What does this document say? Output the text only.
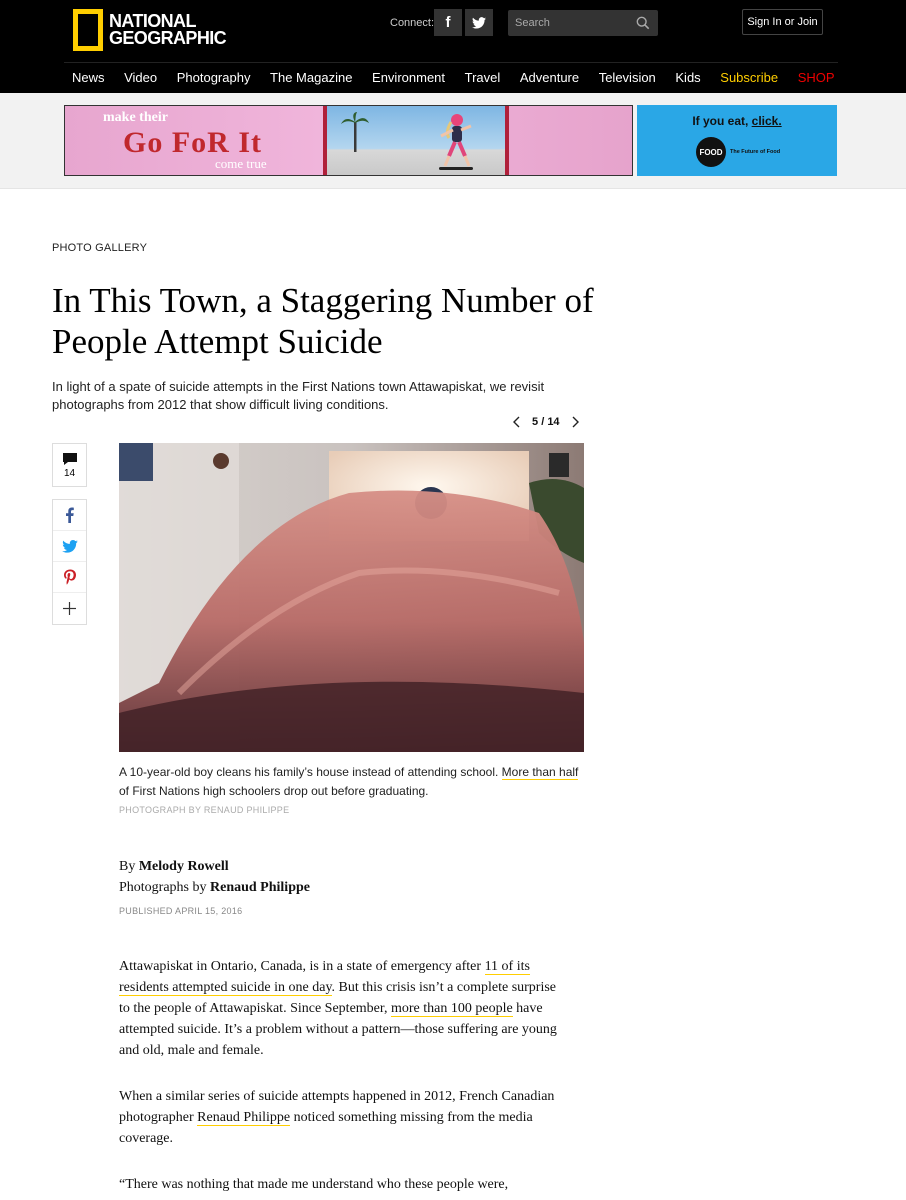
NATIONAL
GEOGRAPHIC
Connect: f
Search	Sign In or Join
News Video Photography The Magazine Environment Travel Adventure Television Kids Subscribe SHOP
make their
Go FoR It
come true
If you eat, click.
FOOD	The Future of Food
PHOTO GALLERY
In This Town, a Staggering Number of People Attempt Suicide

In light of a spate of suicide attempts in the First Nations town Attawapiskat, we revisit photographs from 2012 that show difficult living conditions.

5 / 14
14

A 10-year-old boy cleans his family’s house instead of attending school. More than half of First Nations high schoolers drop out before graduating.

PHOTOGRAPH BY RENAUD PHILIPPE
By Melody Rowell
Photographs by Renaud Philippe
PUBLISHED APRIL 15, 2016

Attawapiskat in Ontario, Canada, is in a state of emergency after 11 of its residents attempted suicide in one day. But this crisis isn’t a complete surprise to the people of Attawapiskat. Since September, more than 100 people have attempted suicide. It’s a problem without a pattern—those suffering are young and old, male and female.

When a similar series of suicide attempts happened in 2012, French Canadian photographer Renaud Philippe noticed something missing from the media coverage.

“There was nothing that made me understand who these people were,
